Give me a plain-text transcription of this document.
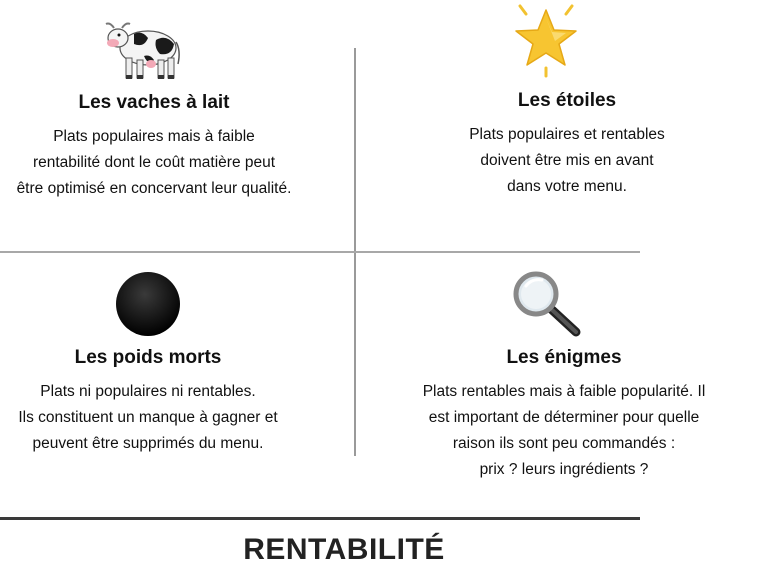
Les vaches à lait

Plats populaires mais à faible

rentabilité dont le coût matière peut

être optimisé en concervant leur qualité.

Les étoiles

Plats populaires et rentables

doivent être mis en avant

dans votre menu.

Les poids morts

Plats ni populaires ni rentables.

Ils constituent un manque à gagner et

peuvent être supprimés du menu.

Les énigmes

Plats rentables mais à faible popularité. Il

est important de déterminer pour quelle

raison ils sont peu commandés :

prix ? leurs ingrédients ?

RENTABILITÉ
